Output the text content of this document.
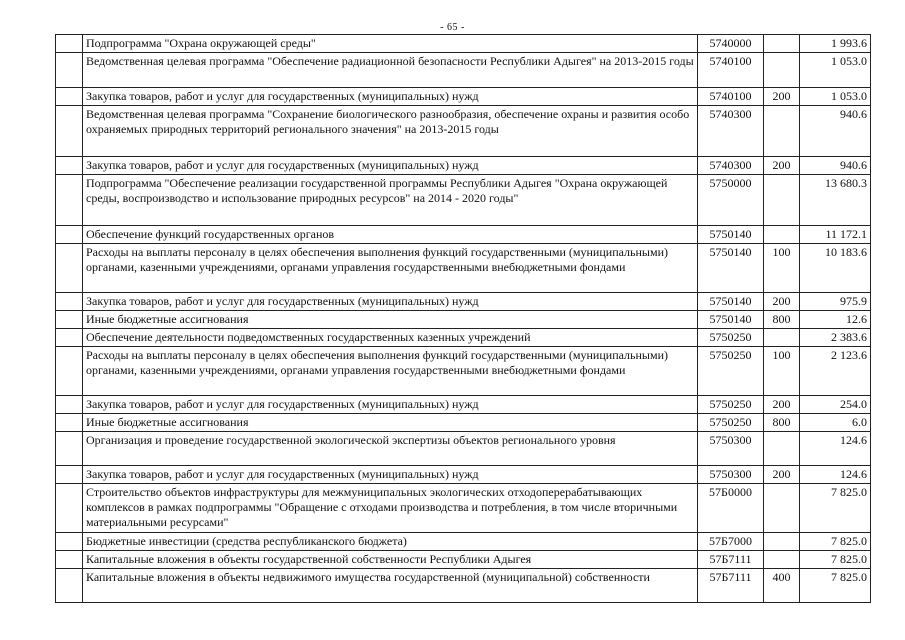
- 65 -
	Подпрограмма "Охрана окружающей среды"	5740000		1 993.6
	Ведомственная целевая программа "Обеспечение радиационной безопасности Республики Адыгея" на 2013-2015 годы	5740100		1 053.0
	Закупка товаров, работ и услуг для государственных (муниципальных) нужд	5740100	200	1 053.0
	Ведомственная целевая программа "Сохранение биологического разнообразия, обеспечение охраны и развития особо охраняемых природных территорий регионального значения" на 2013-2015 годы	5740300		940.6
	Закупка товаров, работ и услуг для государственных (муниципальных) нужд	5740300	200	940.6
	Подпрограмма "Обеспечение реализации государственной программы Республики Адыгея "Охрана окружающей среды, воспроизводство и использование природных ресурсов" на 2014 - 2020 годы"	5750000		13 680.3
	Обеспечение функций государственных органов	5750140		11 172.1
	Расходы на выплаты персоналу в целях обеспечения выполнения функций государственными (муниципальными) органами, казенными учреждениями, органами управления государственными внебюджетными фондами	5750140	100	10 183.6
	Закупка товаров, работ и услуг для государственных (муниципальных) нужд	5750140	200	975.9
	Иные бюджетные ассигнования	5750140	800	12.6
	Обеспечение деятельности подведомственных государственных казенных учреждений	5750250		2 383.6
	Расходы на выплаты персоналу в целях обеспечения выполнения функций государственными (муниципальными) органами, казенными учреждениями, органами управления государственными внебюджетными фондами	5750250	100	2 123.6
	Закупка товаров, работ и услуг для государственных (муниципальных) нужд	5750250	200	254.0
	Иные бюджетные ассигнования	5750250	800	6.0
	Организация и проведение государственной экологической экспертизы объектов регионального уровня	5750300		124.6
	Закупка товаров, работ и услуг для государственных (муниципальных) нужд	5750300	200	124.6
	Строительство объектов инфраструктуры для межмуниципальных экологических отходоперерабатывающих комплексов в рамках подпрограммы "Обращение с отходами производства и потребления, в том числе вторичными материальными ресурсами"	57Б0000		7 825.0
	Бюджетные инвестиции (средства республиканского бюджета)	57Б7000		7 825.0
	Капитальные вложения в объекты государственной собственности Республики Адыгея	57Б7111		7 825.0
	Капитальные вложения в объекты недвижимого имущества государственной (муниципальной) собственности	57Б7111	400	7 825.0
